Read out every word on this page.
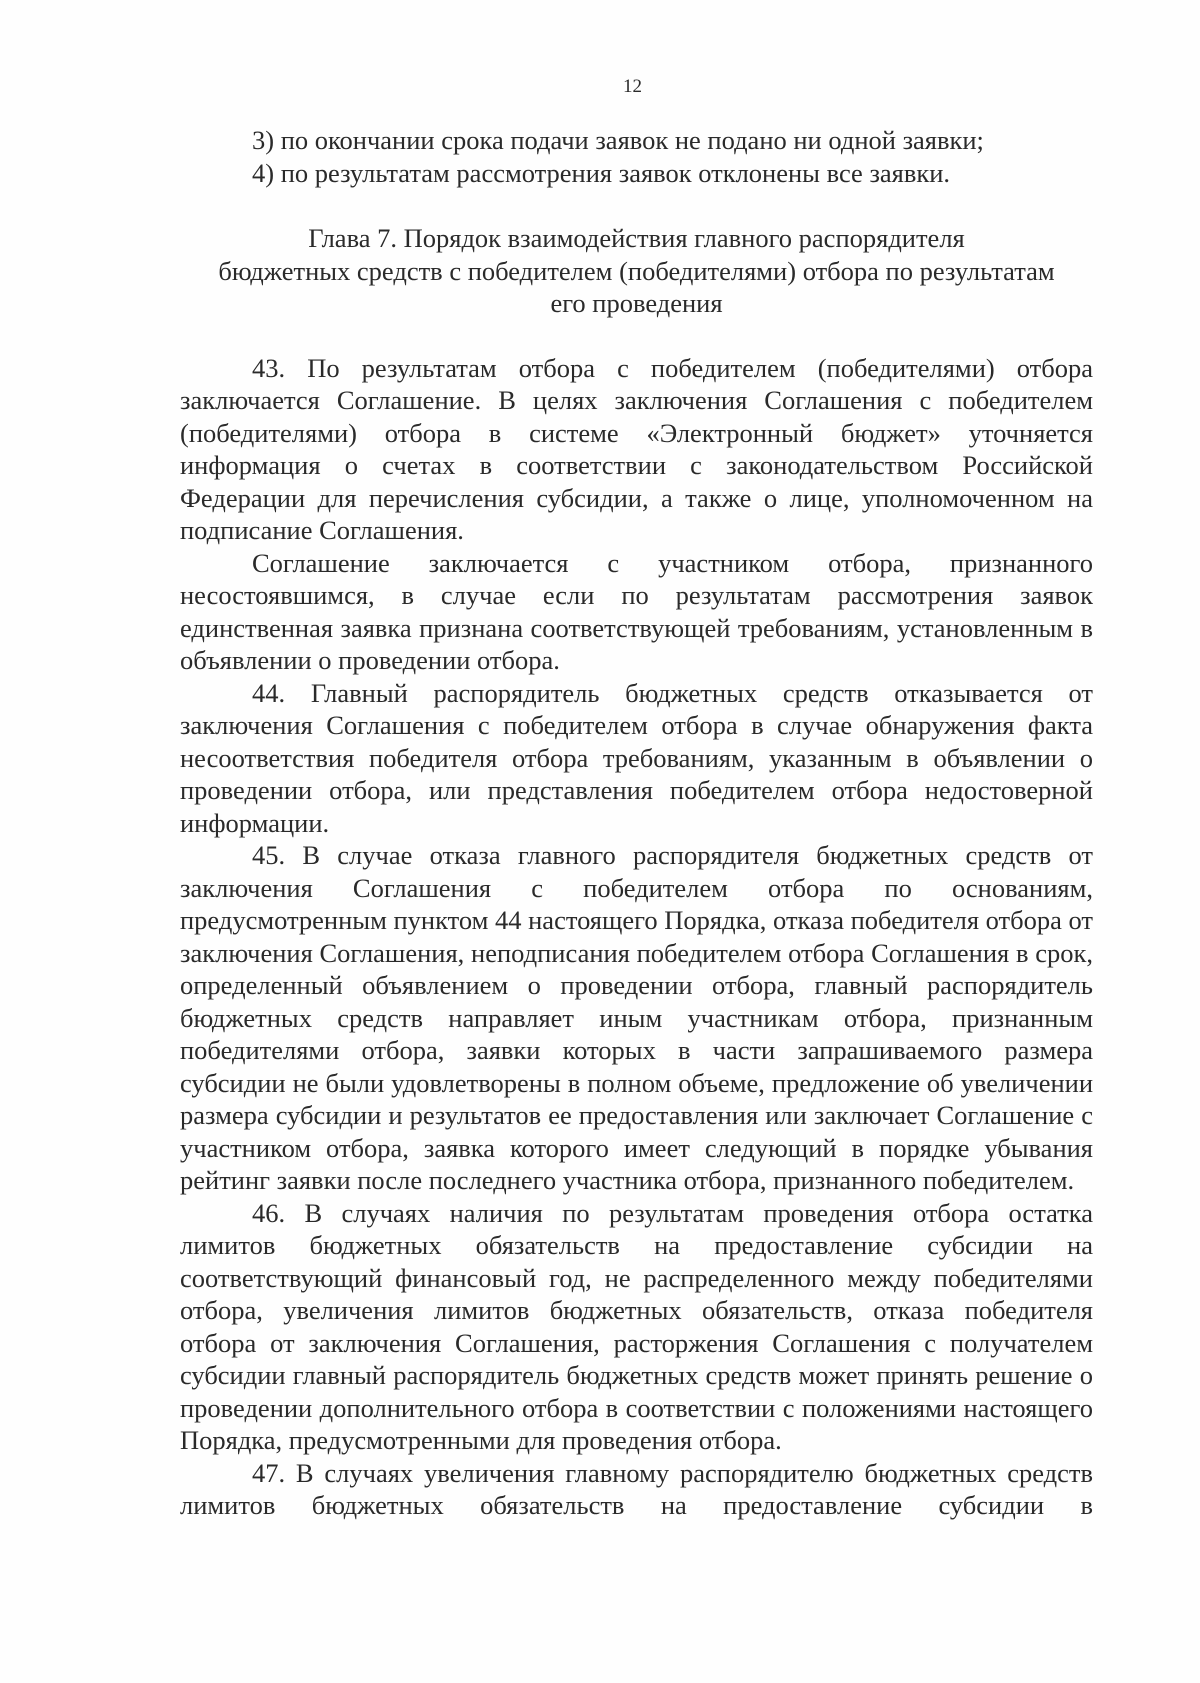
12

3) по окончании срока подачи заявок не подано ни одной заявки;

4) по результатам рассмотрения заявок отклонены все заявки.

Глава 7. Порядок взаимодействия главного распорядителя
бюджетных средств с победителем (победителями) отбора по результатам
его проведения

43. По результатам отбора с победителем (победителями) отбора заключается Соглашение. В целях заключения Соглашения с победителем (победителями) отбора в системе «Электронный бюджет» уточняется информация о счетах в соответствии с законодательством Российской Федерации для перечисления субсидии, а также о лице, уполномоченном на подписание Соглашения.

Соглашение заключается с участником отбора, признанного несостоявшимся, в случае если по результатам рассмотрения заявок единственная заявка признана соответствующей требованиям, установленным в объявлении о проведении отбора.

44. Главный распорядитель бюджетных средств отказывается от заключения Соглашения с победителем отбора в случае обнаружения факта несоответствия победителя отбора требованиям, указанным в объявлении о проведении отбора, или представления победителем отбора недостоверной информации.

45. В случае отказа главного распорядителя бюджетных средств от заключения Соглашения с победителем отбора по основаниям, предусмотренным пунктом 44 настоящего Порядка, отказа победителя отбора от заключения Соглашения, неподписания победителем отбора Соглашения в срок, определенный объявлением о проведении отбора, главный распорядитель бюджетных средств направляет иным участникам отбора, признанным победителями отбора, заявки которых в части запрашиваемого размера субсидии не были удовлетворены в полном объеме, предложение об увеличении размера субсидии и результатов ее предоставления или заключает Соглашение с участником отбора, заявка которого имеет следующий в порядке убывания рейтинг заявки после последнего участника отбора, признанного победителем.

46. В случаях наличия по результатам проведения отбора остатка лимитов бюджетных обязательств на предоставление субсидии на соответствующий финансовый год, не распределенного между победителями отбора, увеличения лимитов бюджетных обязательств, отказа победителя отбора от заключения Соглашения, расторжения Соглашения с получателем субсидии главный распорядитель бюджетных средств может принять решение о проведении дополнительного отбора в соответствии с положениями настоящего Порядка, предусмотренными для проведения отбора.

47. В случаях увеличения главному распорядителю бюджетных средств лимитов бюджетных обязательств на предоставление субсидии в
